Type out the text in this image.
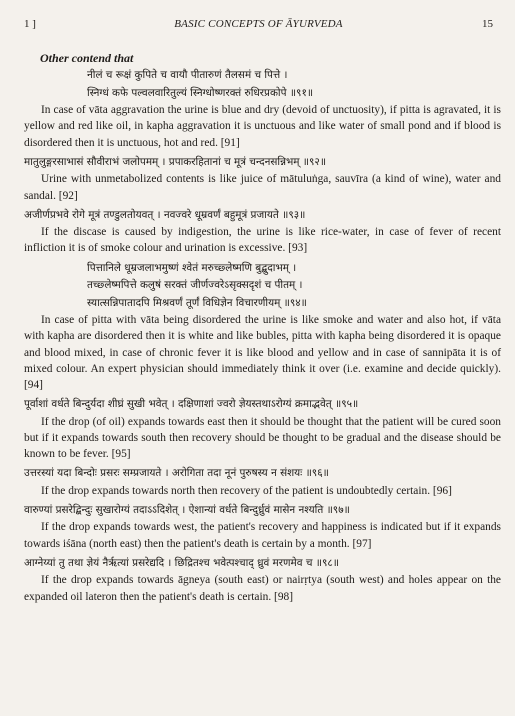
1 ]	BASIC CONCEPTS OF ĀYURVEDA	15
Other contend that
नीलं च रूक्षं कुपिते च वायौ पीतारुणं तैलसमं च पित्ते ।
स्निग्धं कफे पल्वलवारितुल्यं स्निग्धोष्णरक्तं रुधिरप्रकोपे ॥९१॥
In case of vāta aggravation the urine is blue and dry (devoid of unctuosity), if pitta is agravated, it is yellow and red like oil, in kapha aggravation it is unctuous and like water of small pond and if blood is disordered then it is unctuous, hot and red. [91]
मातुलुङ्गरसाभासं सौवीराभं जलोपमम् । प्रपाकरहितानां च मूत्रं चन्दनसन्निभम् ॥९२॥
Urine with unmetabolized contents is like juice of mātuluṅga, sauvīra (a kind of wine), water and sandal. [92]
अजीर्णप्रभवे रोगे मूत्रं तण्डुलतोयवत् । नवज्वरे धूम्रवर्णं बहुमूत्रं प्रजायते ॥९३॥
If the discase is caused by indigestion, the urine is like rice-water, in case of fever of recent infliction it is of smoke colour and urination is excessive. [93]
पित्तानिले धूम्रजलाभमुष्णं श्वेतं मरुच्छ्लेष्मणि बुद्बुदाभम् ।
तच्छ्लेष्मपित्ते कलुषं सरक्तं जीर्णज्वरेऽसृक्सदृशं च पीतम् ।
स्यात्सन्निपातादपि मिश्रवर्णं तूर्णं विधिज्ञेन विचारणीयम् ॥९४॥
In case of pitta with vāta being disordered the urine is like smoke and water and also hot, if vāta with kapha are disordered then it is white and like bubles, pitta with kapha being disordered it is opaque and blood mixed, in case of chronic fever it is like blood and yellow and in case of sannipāta it is of mixed colour. An expert physician should immediately think it over (i.e. examine and decide quickly). [94]
पूर्वाशां वर्धते बिन्दुर्यदा शीघ्रं सुखी भवेत् । दक्षिणाशां ज्वरो ज्ञेयस्तथाऽरोग्यं क्रमाद्भवेत् ॥९५॥
If the drop (of oil) expands towards east then it should be thought that the patient will be cured soon but if it expands towards south then recovery should be thought to be gradual and the disease should be known to be fever. [95]
उत्तरस्यां यदा बिन्दोः प्रसरः सम्प्रजायते । अरोगिता तदा नूनं पुरुषस्य न संशयः ॥९६॥
If the drop expands towards north then recovery of the patient is undoubtedly certain. [96]
वारुण्यां प्रसरेद्बिन्दुः सुखारोग्यं तदाऽऽदिशेत् । ऐशान्यां वर्धते बिन्दुर्ध्रुवं मासेन नश्यति ॥९७॥
If the drop expands towards west, the patient's recovery and happiness is indicated but if it expands towards iśāna (north east) then the patient's death is certain by a month. [97]
आग्नेय्यां तु तथा ज्ञेयं नैर्ऋत्यां प्रसरेद्यदि । छिद्रितश्च भवेत्पश्चाद् ध्रुवं मरणमेव च ॥९८॥
If the drop expands towards āgneya (south east) or nairṛtya (south west) and holes appear on the expanded oil lateron then the patient's death is certain. [98]
